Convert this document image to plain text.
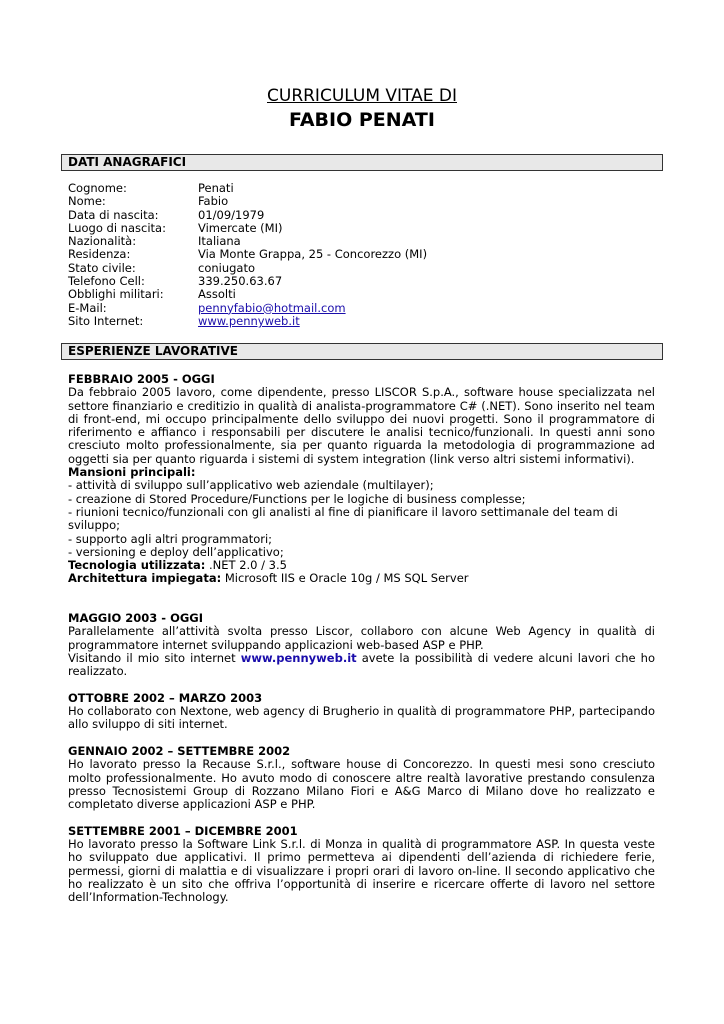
CURRICULUM VITAE DI
FABIO PENATI
DATI ANAGRAFICI
Cognome:	Penati
Nome:	Fabio
Data di nascita:	01/09/1979
Luogo di nascita:	Vimercate (MI)
Nazionalità:	Italiana
Residenza:	Via Monte Grappa, 25 - Concorezzo (MI)
Stato civile:	coniugato
Telefono Cell:	339.250.63.67
Obblighi militari:	Assolti
E-Mail:	pennyfabio@hotmail.com
Sito Internet:	www.pennyweb.it
ESPERIENZE LAVORATIVE
FEBBRAIO 2005 - OGGI

Da febbraio 2005 lavoro, come dipendente, presso LISCOR S.p.A., software house specializzata nel settore finanziario e creditizio in qualità di analista-programmatore C# (.NET). Sono inserito nel team di front-end, mi occupo principalmente dello sviluppo dei nuovi progetti. Sono il programmatore di riferimento e affianco i responsabili per discutere le analisi tecnico/funzionali. In questi anni sono cresciuto molto professionalmente, sia per quanto riguarda la metodologia di programmazione ad oggetti sia per quanto riguarda i sistemi di system integration (link verso altri sistemi informativi).

Mansioni principali:
- attività di sviluppo sull’applicativo web aziendale (multilayer);
- creazione di Stored Procedure/Functions per le logiche di business complesse;
- riunioni tecnico/funzionali con gli analisti al fine di pianificare il lavoro settimanale del team di sviluppo;
- supporto agli altri programmatori;
- versioning e deploy dell’applicativo;
Tecnologia utilizzata: .NET 2.0 / 3.5
Architettura impiegata: Microsoft IIS e Oracle 10g / MS SQL Server
MAGGIO 2003 - OGGI

Parallelamente all’attività svolta presso Liscor, collaboro con alcune Web Agency in qualità di programmatore internet sviluppando applicazioni web-based ASP e PHP.

Visitando il mio sito internet www.pennyweb.it avete la possibilità di vedere alcuni lavori che ho realizzato.

OTTOBRE 2002 – MARZO 2003

Ho collaborato con Nextone, web agency di Brugherio in qualità di programmatore PHP, partecipando allo sviluppo di siti internet.

GENNAIO 2002 – SETTEMBRE 2002

Ho lavorato presso la Recause S.r.l., software house di Concorezzo. In questi mesi sono cresciuto molto professionalmente. Ho avuto modo di conoscere altre realtà lavorative prestando consulenza presso Tecnosistemi Group di Rozzano Milano Fiori e A&G Marco di Milano dove ho realizzato e completato diverse applicazioni ASP e PHP.

SETTEMBRE 2001 – DICEMBRE 2001

Ho lavorato presso la Software Link S.r.l. di Monza in qualità di programmatore ASP. In questa veste ho sviluppato due applicativi. Il primo permetteva ai dipendenti dell’azienda di richiedere ferie, permessi, giorni di malattia e di visualizzare i propri orari di lavoro on-line. Il secondo applicativo che ho realizzato è un sito che offriva l’opportunità di inserire e ricercare offerte di lavoro nel settore dell’Information-Technology.
